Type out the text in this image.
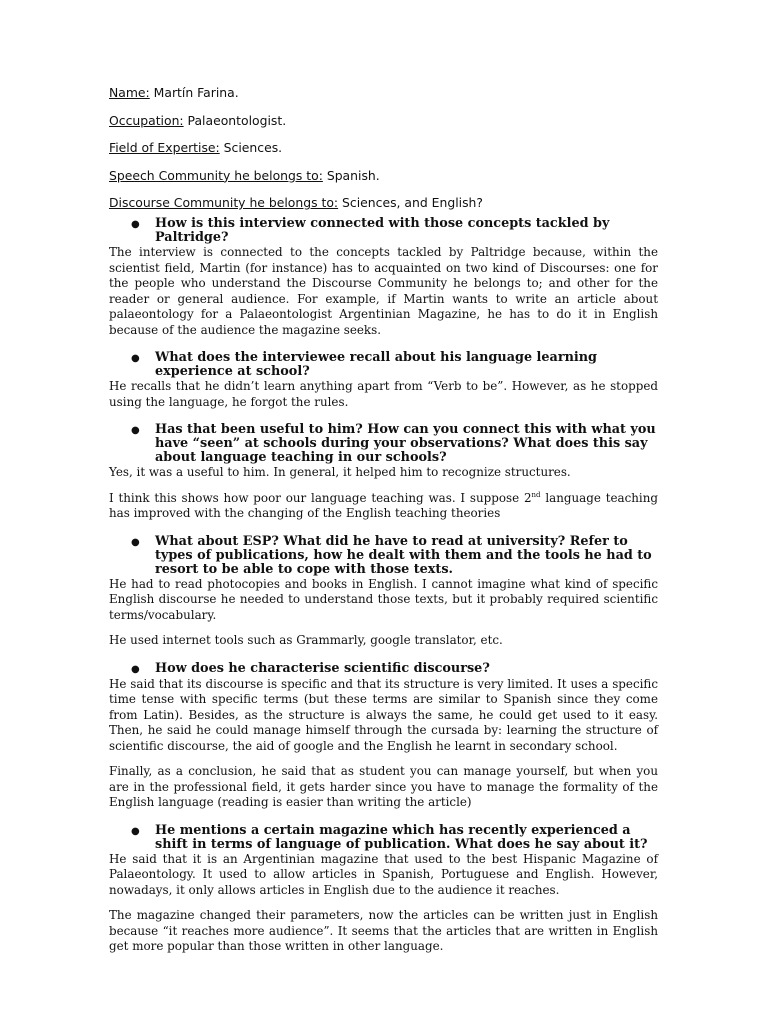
Name: Martín Farina.
Occupation: Palaeontologist.
Field of Expertise: Sciences.
Speech Community he belongs to: Spanish.
Discourse Community he belongs to: Sciences, and English?
●	How is this interview connected with those concepts tackled by Paltridge?

The interview is connected to the concepts tackled by Paltridge because, within the scientist field, Martin (for instance) has to acquainted on two kind of Discourses: one for the people who understand the Discourse Community he belongs to; and other for the reader or general audience. For example, if Martin wants to write an article about palaeontology for a Palaeontologist Argentinian Magazine, he has to do it in English because of the audience the magazine seeks.

●	What does the interviewee recall about his language learning experience at school?

He recalls that he didn’t learn anything apart from “Verb to be”. However, as he stopped using the language, he forgot the rules.

●	Has that been useful to him? How can you connect this with what you have “seen” at schools during your observations? What does this say about language teaching in our schools?

Yes, it was a useful to him. In general, it helped him to recognize structures.

I think this shows how poor our language teaching was. I suppose 2nd language teaching has improved with the changing of the English teaching theories

●	What about ESP? What did he have to read at university? Refer to types of publications, how he dealt with them and the tools he had to resort to be able to cope with those texts.

He had to read photocopies and books in English. I cannot imagine what kind of specific English discourse he needed to understand those texts, but it probably required scientific terms/vocabulary.

He used internet tools such as Grammarly, google translator, etc.

●	How does he characterise scientific discourse?

He said that its discourse is specific and that its structure is very limited. It uses a specific time tense with specific terms (but these terms are similar to Spanish since they come from Latin). Besides, as the structure is always the same, he could get used to it easy. Then, he said he could manage himself through the cursada by: learning the structure of scientific discourse, the aid of google and the English he learnt in secondary school.

Finally, as a conclusion, he said that as student you can manage yourself, but when you are in the professional field, it gets harder since you have to manage the formality of the English language (reading is easier than writing the article)

●	He mentions a certain magazine which has recently experienced a shift in terms of language of publication. What does he say about it?

He said that it is an Argentinian magazine that used to the best Hispanic Magazine of Palaeontology. It used to allow articles in Spanish, Portuguese and English. However, nowadays, it only allows articles in English due to the audience it reaches.

The magazine changed their parameters, now the articles can be written just in English because “it reaches more audience”. It seems that the articles that are written in English get more popular than those written in other language.
